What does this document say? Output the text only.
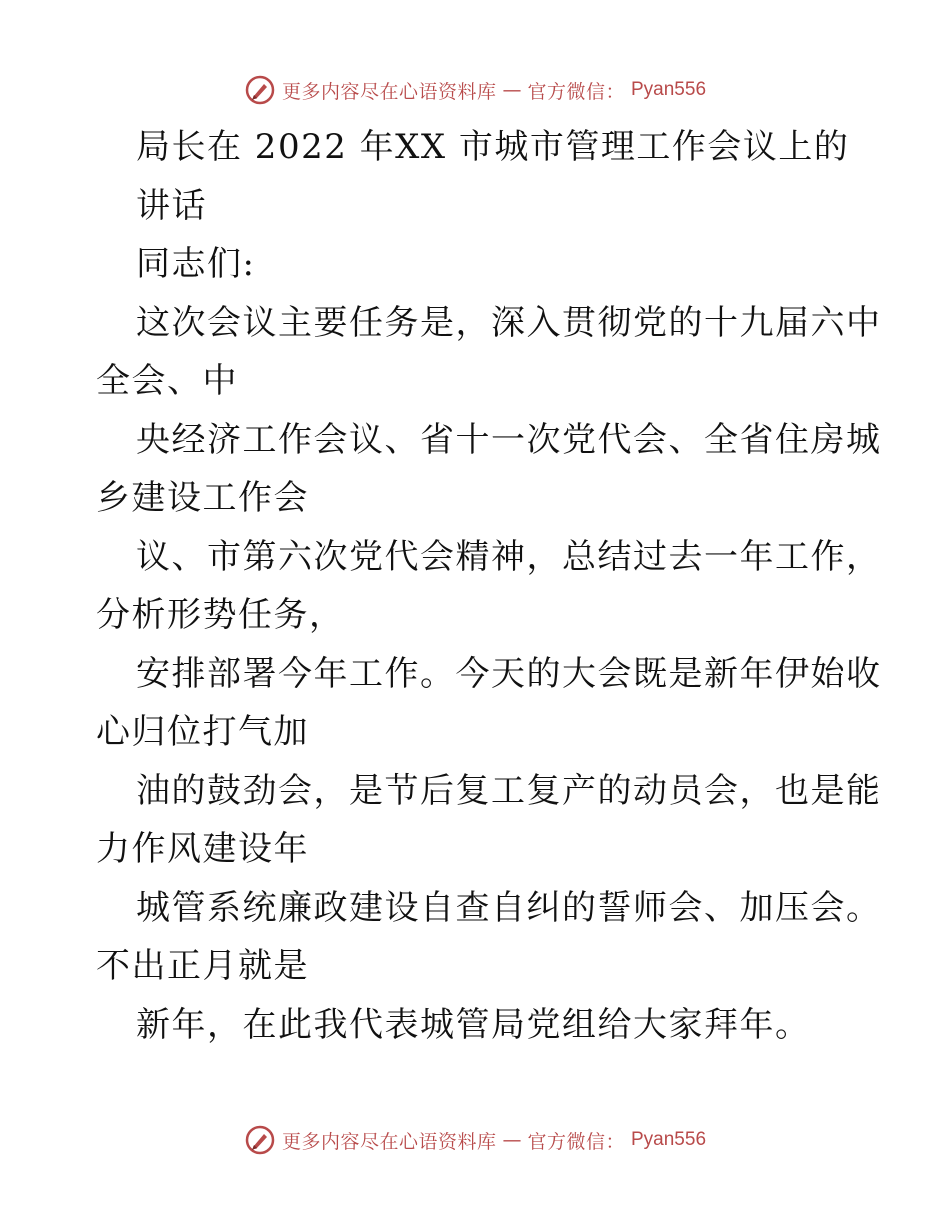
更多内容尽在心语资料库 — 官方微信： Pyan556
局长在 2022 年XX 市城市管理工作会议上的
讲话
同志们:
这次会议主要任务是，深入贯彻党的十九届六中
全会、中
央经济工作会议、省十一次党代会、全省住房城
乡建设工作会
议、市第六次党代会精神，总结过去一年工作，
分析形势任务，
安排部署今年工作。今天的大会既是新年伊始收
心归位打气加
油的鼓劲会，是节后复工复产的动员会，也是能
力作风建设年
城管系统廉政建设自查自纠的誓师会、加压会。
不出正月就是
新年，在此我代表城管局党组给大家拜年。
更多内容尽在心语资料库 — 官方微信： Pyan556
